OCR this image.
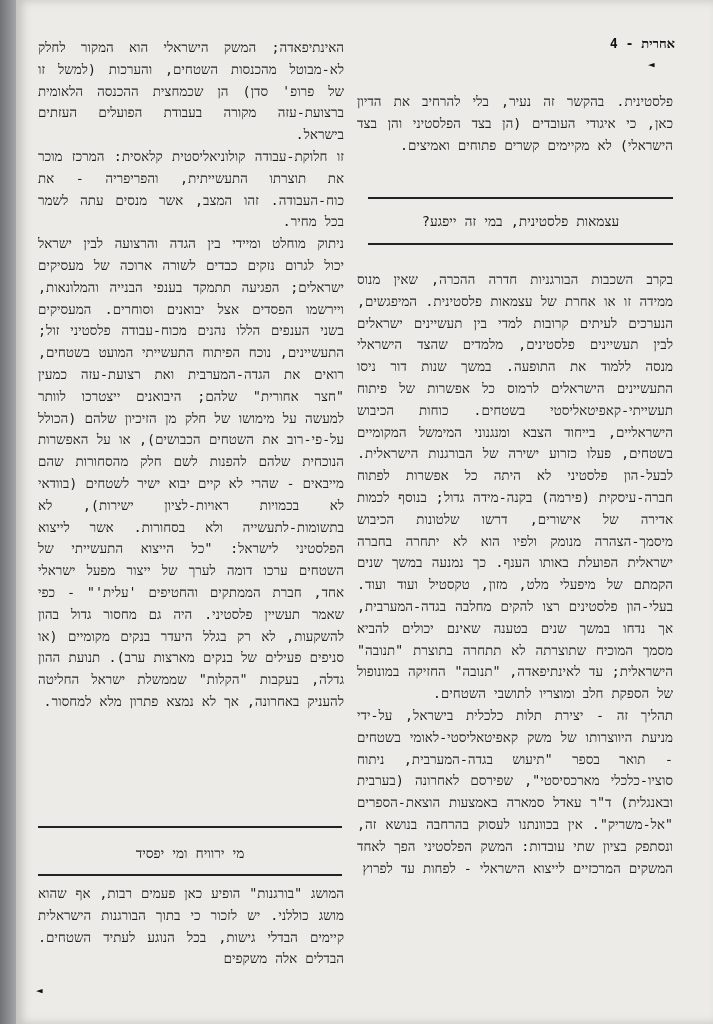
אחרית - 4
◄

פלסטינית. בהקשר זה נעיר, בלי להרחיב את הדיון כאן, כי איגודי העובדים (הן בצד הפלסטיני והן בצד הישראלי) לא מקיימים קשרים פתוחים ואמיצים.

עצמאות פלסטינית, במי זה ייפגע?

בקרב השכבות הבורגניות חדרה ההכרה, שאין מנוס ממידה זו או אחרת של עצמאות פלסטינית. המיפגשים, הנערכים לעיתים קרובות למדי בין תעשיינים ישראלים לבין תעשיינים פלסטינים, מלמדים שהצד הישראלי מנסה ללמוד את התופעה. במשך שנות דור ניסו התעשיינים הישראלים לרמוס כל אפשרות של פיתוח תעשייתי-קאפיטאליסטי בשטחים. כוחות הכיבוש הישראליים, בייחוד הצבא ומנגנוני המימשל המקומיים בשטחים, פעלו כזרוע ישירה של הבורגנות הישראלית. לבעל-הון פלסטיני לא היתה כל אפשרות לפתוח חברה-עיסקית (פירמה) בקנה-מידה גדול; בנוסף לכמות אדירה של אישורים, דרשו שלטונות הכיבוש מיסמך-הצהרה מנומק ולפיו הוא לא יתחרה בחברה ישראלית הפועלת באותו הענף. כך נמנעה במשך שנים הקמתם של מיפעלי מלט, מזון, טקסטיל ועוד ועוד. בעלי-הון פלסטינים רצו להקים מחלבה בגדה-המערבית, אך נדחו במשך שנים בטענה שאינם יכולים להביא מסמך המוכיח שתוצרתה לא תתחרה בתוצרת "תנובה" הישראלית; עד לאינתיפאדה, "תנובה" החזיקה במונופול של הספקת חלב ומוצריו לתושבי השטחים.

תהליך זה - יצירת תלות כלכלית בישראל, על-ידי מניעת היווצרותו של משק קאפיטאליסטי-לאומי בשטחים - תואר בספר "תיעוש בגדה-המערבית, ניתוח סוציו-כלכלי מארכסיסטי", שפירסם לאחרונה (בערבית ובאנגלית) ד"ר עאדל סמארה באמצעות הוצאת-הספרים "אל-משריק". אין בכוונתנו לעסוק בהרחבה בנושא זה, ונסתפק בציון שתי עובדות: המשק הפלסטיני הפך לאחד המשקים המרכזיים לייצוא הישראלי - לפחות עד לפרוץ

האינתיפאדה; המשק הישראלי הוא המקור לחלק לא-מבוטל מהכנסות השטחים, והערכות (למשל זו של פרופ' סדן) הן שכמחצית ההכנסה הלאומית ברצועת-עזה מקורה בעבודת הפועלים העזתים בישראל.

זו חלוקת-עבודה קולוניאליסטית קלאסית: המרכז מוכר את תוצרתו התעשייתית, והפריפריה - את כוח-העבודה. זהו המצב, אשר מנסים עתה לשמר בכל מחיר.

ניתוק מוחלט ומיידי בין הגדה והרצועה לבין ישראל יכול לגרום נזקים כבדים לשורה ארוכה של מעסיקים ישראלים; הפגיעה תתמקד בענפי הבנייה והמלונאות, ויירשמו הפסדים אצל יבואנים וסוחרים. המעסיקים בשני הענפים הללו נהנים מכוח-עבודה פלסטיני זול; התעשיינים, נוכח הפיתוח התעשייתי המועט בשטחים, רואים את הגדה-המערבית ואת רצועת-עזה כמעין "חצר אחורית" שלהם; היבואנים ייצטרכו לוותר למעשה על מימושו של חלק מן הזיכיון שלהם (הכולל על-פי-רוב את השטחים הכבושים), או על האפשרות הנוכחית שלהם להפנות לשם חלק מהסחורות שהם מייבאים - שהרי לא קיים יבוא ישיר לשטחים (בוודאי לא בכמויות ראויות-לציון ישירות), לא בתשומות-לתעשייה ולא בסחורות. אשר לייצוא הפלסטיני לישראל: "כל הייצוא התעשייתי של השטחים ערכו דומה לערך של ייצור מפעל ישראלי אחד, חברת הממתקים והחטיפים 'עלית'" - כפי שאמר תעשיין פלסטיני. היה גם מחסור גדול בהון להשקעות, לא רק בגלל היעדר בנקים מקומיים (או סניפים פעילים של בנקים מארצות ערב). תנועת ההון גדלה, בעקבות "הקלות" שממשלת ישראל החליטה להעניק באחרונה, אך לא נמצא פתרון מלא למחסור.

מי ירוויח ומי יפסיד

המושג "בורגנות" הופיע כאן פעמים רבות, אף שהוא מושג כוללני. יש לזכור כי בתוך הבורגנות הישראלית קיימים הבדלי גישות, בכל הנוגע לעתיד השטחים. הבדלים אלה משקפים

◄
